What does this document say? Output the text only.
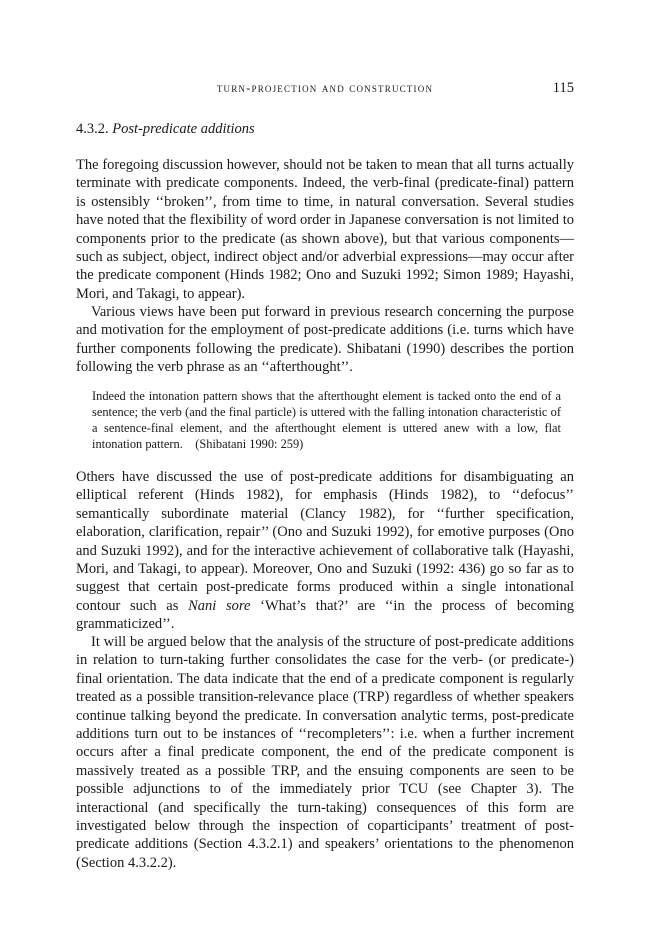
turn-projection and construction	115
4.3.2. Post-predicate additions

The foregoing discussion however, should not be taken to mean that all turns actually terminate with predicate components. Indeed, the verb-final (predicate-final) pattern is ostensibly ‘‘broken’’, from time to time, in natural conversation. Several studies have noted that the flexibility of word order in Japanese conversation is not limited to components prior to the predicate (as shown above), but that various components—such as subject, object, indirect object and/or adverbial expressions—may occur after the predicate component (Hinds 1982; Ono and Suzuki 1992; Simon 1989; Hayashi, Mori, and Takagi, to appear).

Various views have been put forward in previous research concerning the purpose and motivation for the employment of post-predicate additions (i.e. turns which have further components following the predicate). Shibatani (1990) describes the portion following the verb phrase as an ‘‘afterthought’’.

Indeed the intonation pattern shows that the afterthought element is tacked onto the end of a sentence; the verb (and the final particle) is uttered with the falling intonation characteristic of a sentence-final element, and the afterthought element is uttered anew with a low, flat intonation pattern. (Shibatani 1990: 259)

Others have discussed the use of post-predicate additions for disambiguating an elliptical referent (Hinds 1982), for emphasis (Hinds 1982), to ‘‘defocus’’ semantically subordinate material (Clancy 1982), for ‘‘further specification, elaboration, clarification, repair’’ (Ono and Suzuki 1992), for emotive purposes (Ono and Suzuki 1992), and for the interactive achievement of collaborative talk (Hayashi, Mori, and Takagi, to appear). Moreover, Ono and Suzuki (1992: 436) go so far as to suggest that certain post-predicate forms produced within a single intonational contour such as Nani sore ‘What’s that?’ are ‘‘in the process of becoming grammaticized’’.

It will be argued below that the analysis of the structure of post-predicate additions in relation to turn-taking further consolidates the case for the verb- (or predicate-) final orientation. The data indicate that the end of a predicate component is regularly treated as a possible transition-relevance place (TRP) regardless of whether speakers continue talking beyond the predicate. In conversation analytic terms, post-predicate additions turn out to be instances of ‘‘recompleters’’: i.e. when a further increment occurs after a final predicate component, the end of the predicate component is massively treated as a possible TRP, and the ensuing components are seen to be possible adjunctions to of the immediately prior TCU (see Chapter 3). The interactional (and specifically the turn-taking) consequences of this form are investigated below through the inspection of coparticipants’ treatment of post-predicate additions (Section 4.3.2.1) and speakers’ orientations to the phenomenon (Section 4.3.2.2).
